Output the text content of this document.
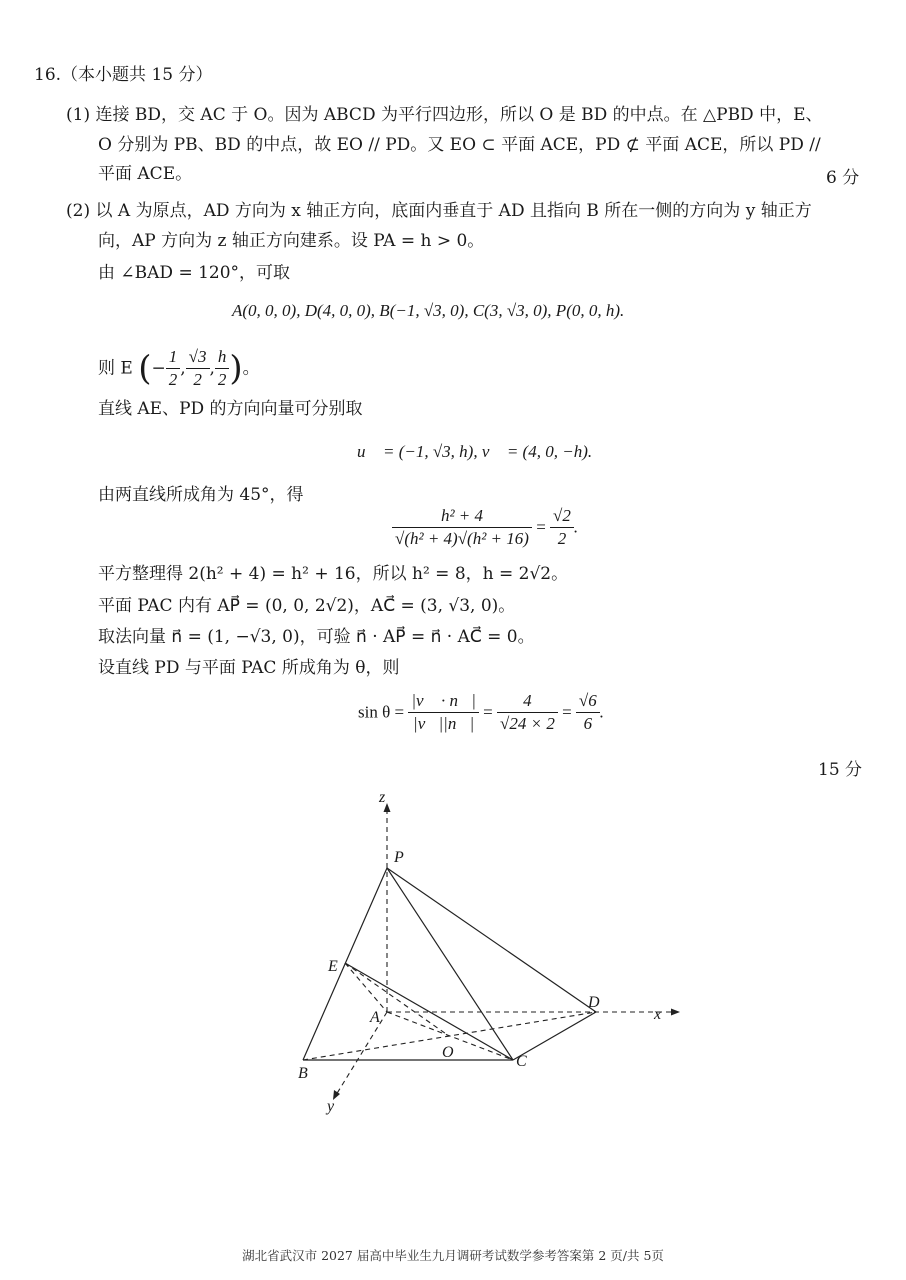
16.（本小题共 15 分）
(1) 连接 BD，交 AC 于 O。因为 ABCD 为平行四边形，所以 O 是 BD 的中点。在 △PBD 中，E、
O 分别为 PB、BD 的中点，故 EO // PD。又 EO ⊂ 平面 ACE，PD ⊄ 平面 ACE，所以 PD //
平面 ACE。	6 分
(2) 以 A 为原点，AD 方向为 x 轴正方向，底面内垂直于 AD 且指向 B 所在一侧的方向为 y 轴正方
向，AP 方向为 z 轴正方向建系。设 PA = h > 0。
由 ∠BAD = 120°，可取
A(0, 0, 0), D(4, 0, 0), B(−1, √3, 0), C(3, √3, 0), P(0, 0, h).
则 E (− $\frac{1}{2}$ , $\frac{√3}{2}$ , $\frac{h}{2}$ )。
直线 AE、PD 的方向向量可分别取
u⃗ = (−1, √3, h), v⃗ = (4, 0, −h).
由两直线所成角为 45°，得
$\frac{\text{h² + 4}}{\text{√(h² + 4)√(h² + 16)}} = \frac{√2}{2}$ .
平方整理得 2(h² + 4) = h² + 16，所以 h² = 8，h = 2√2。
平面 PAC 内有 AP⃗ = (0, 0, 2√2)，AC⃗ = (3, √3, 0)。
取法向量 n⃗ = (1, −√3, 0)，可验 n⃗ · AP⃗ = n⃗ · AC⃗ = 0。
设直线 PD 与平面 PAC 所成角为 θ，则
$\sin \theta = \frac{|v⃗ \cdot n⃗|}{|v⃗||n⃗|} = \frac{4}{√24 \times 2} = \frac{√6}{6}$ .
15 分
z
P
E
A
D
x
O
B
C
y
湖北省武汉市 2027 届高中毕业生九月调研考试数学参考答案第 2 页/共 5页
